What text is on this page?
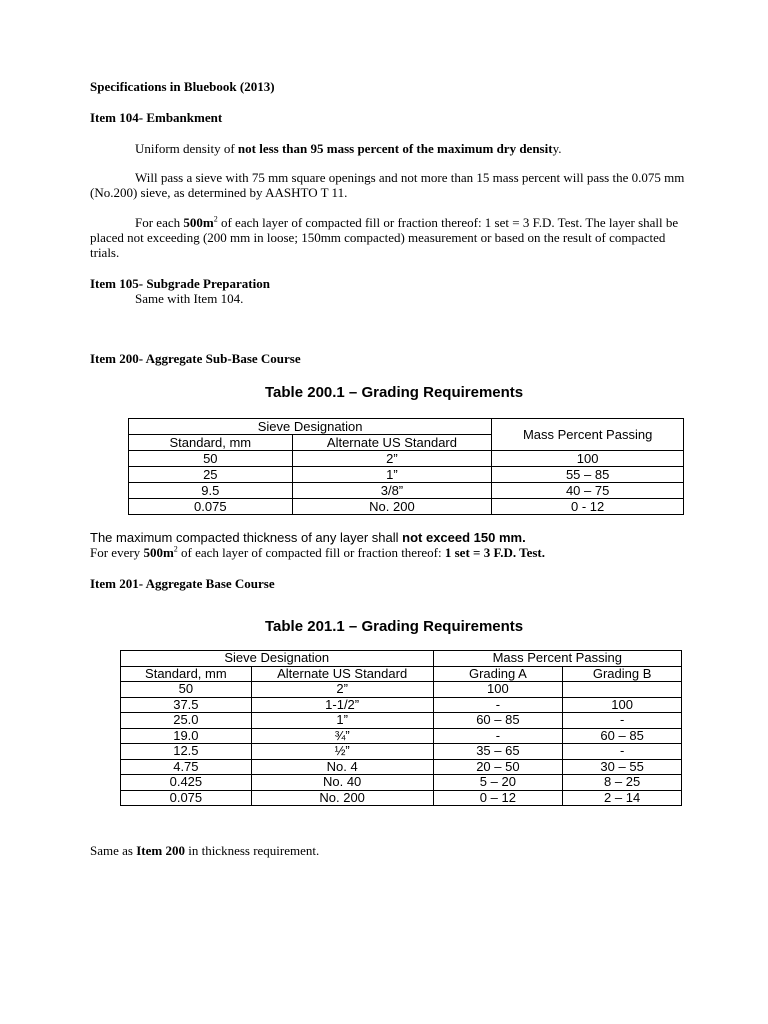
Specifications in Bluebook (2013)
Item 104- Embankment

Uniform density of not less than 95 mass percent of the maximum dry density.

Will pass a sieve with 75 mm square openings and not more than 15 mass percent will pass the 0.075 mm (No.200) sieve, as determined by AASHTO T 11.

For each $500m^2$ of each layer of compacted fill or fraction thereof: 1 set = 3 F.D. Test. The layer shall be placed not exceeding (200 mm in loose; 150mm compacted) measurement or based on the result of compacted trials.

Item 105- Subgrade Preparation
Same with Item 104.
Item 200- Aggregate Sub-Base Course
Table 200.1 – Grading Requirements
Sieve Designation		Mass Percent Passing
Standard, mm	Alternate US Standard	
50	2”	100
25	1”	55 – 85
9.5	3/8”	40 – 75
0.075	No. 200	0 - 12
The maximum compacted thickness of any layer shall not exceed 150 mm.
For every $500m^2$ of each layer of compacted fill or fraction thereof: 1 set = 3 F.D. Test.
Item 201- Aggregate Base Course
Table 201.1 – Grading Requirements
Sieve Designation		Mass Percent Passing	
Standard, mm	Alternate US Standard	Grading A	Grading B
50	2”	100	
37.5	1-1/2”	-	100
25.0	1”	60 – 85	-
19.0	¾”	-	60 – 85
12.5	½”	35 – 65	-
4.75	No. 4	20 – 50	30 – 55
0.425	No. 40	5 – 20	8 – 25
0.075	No. 200	0 – 12	2 – 14
Same as Item 200 in thickness requirement.
